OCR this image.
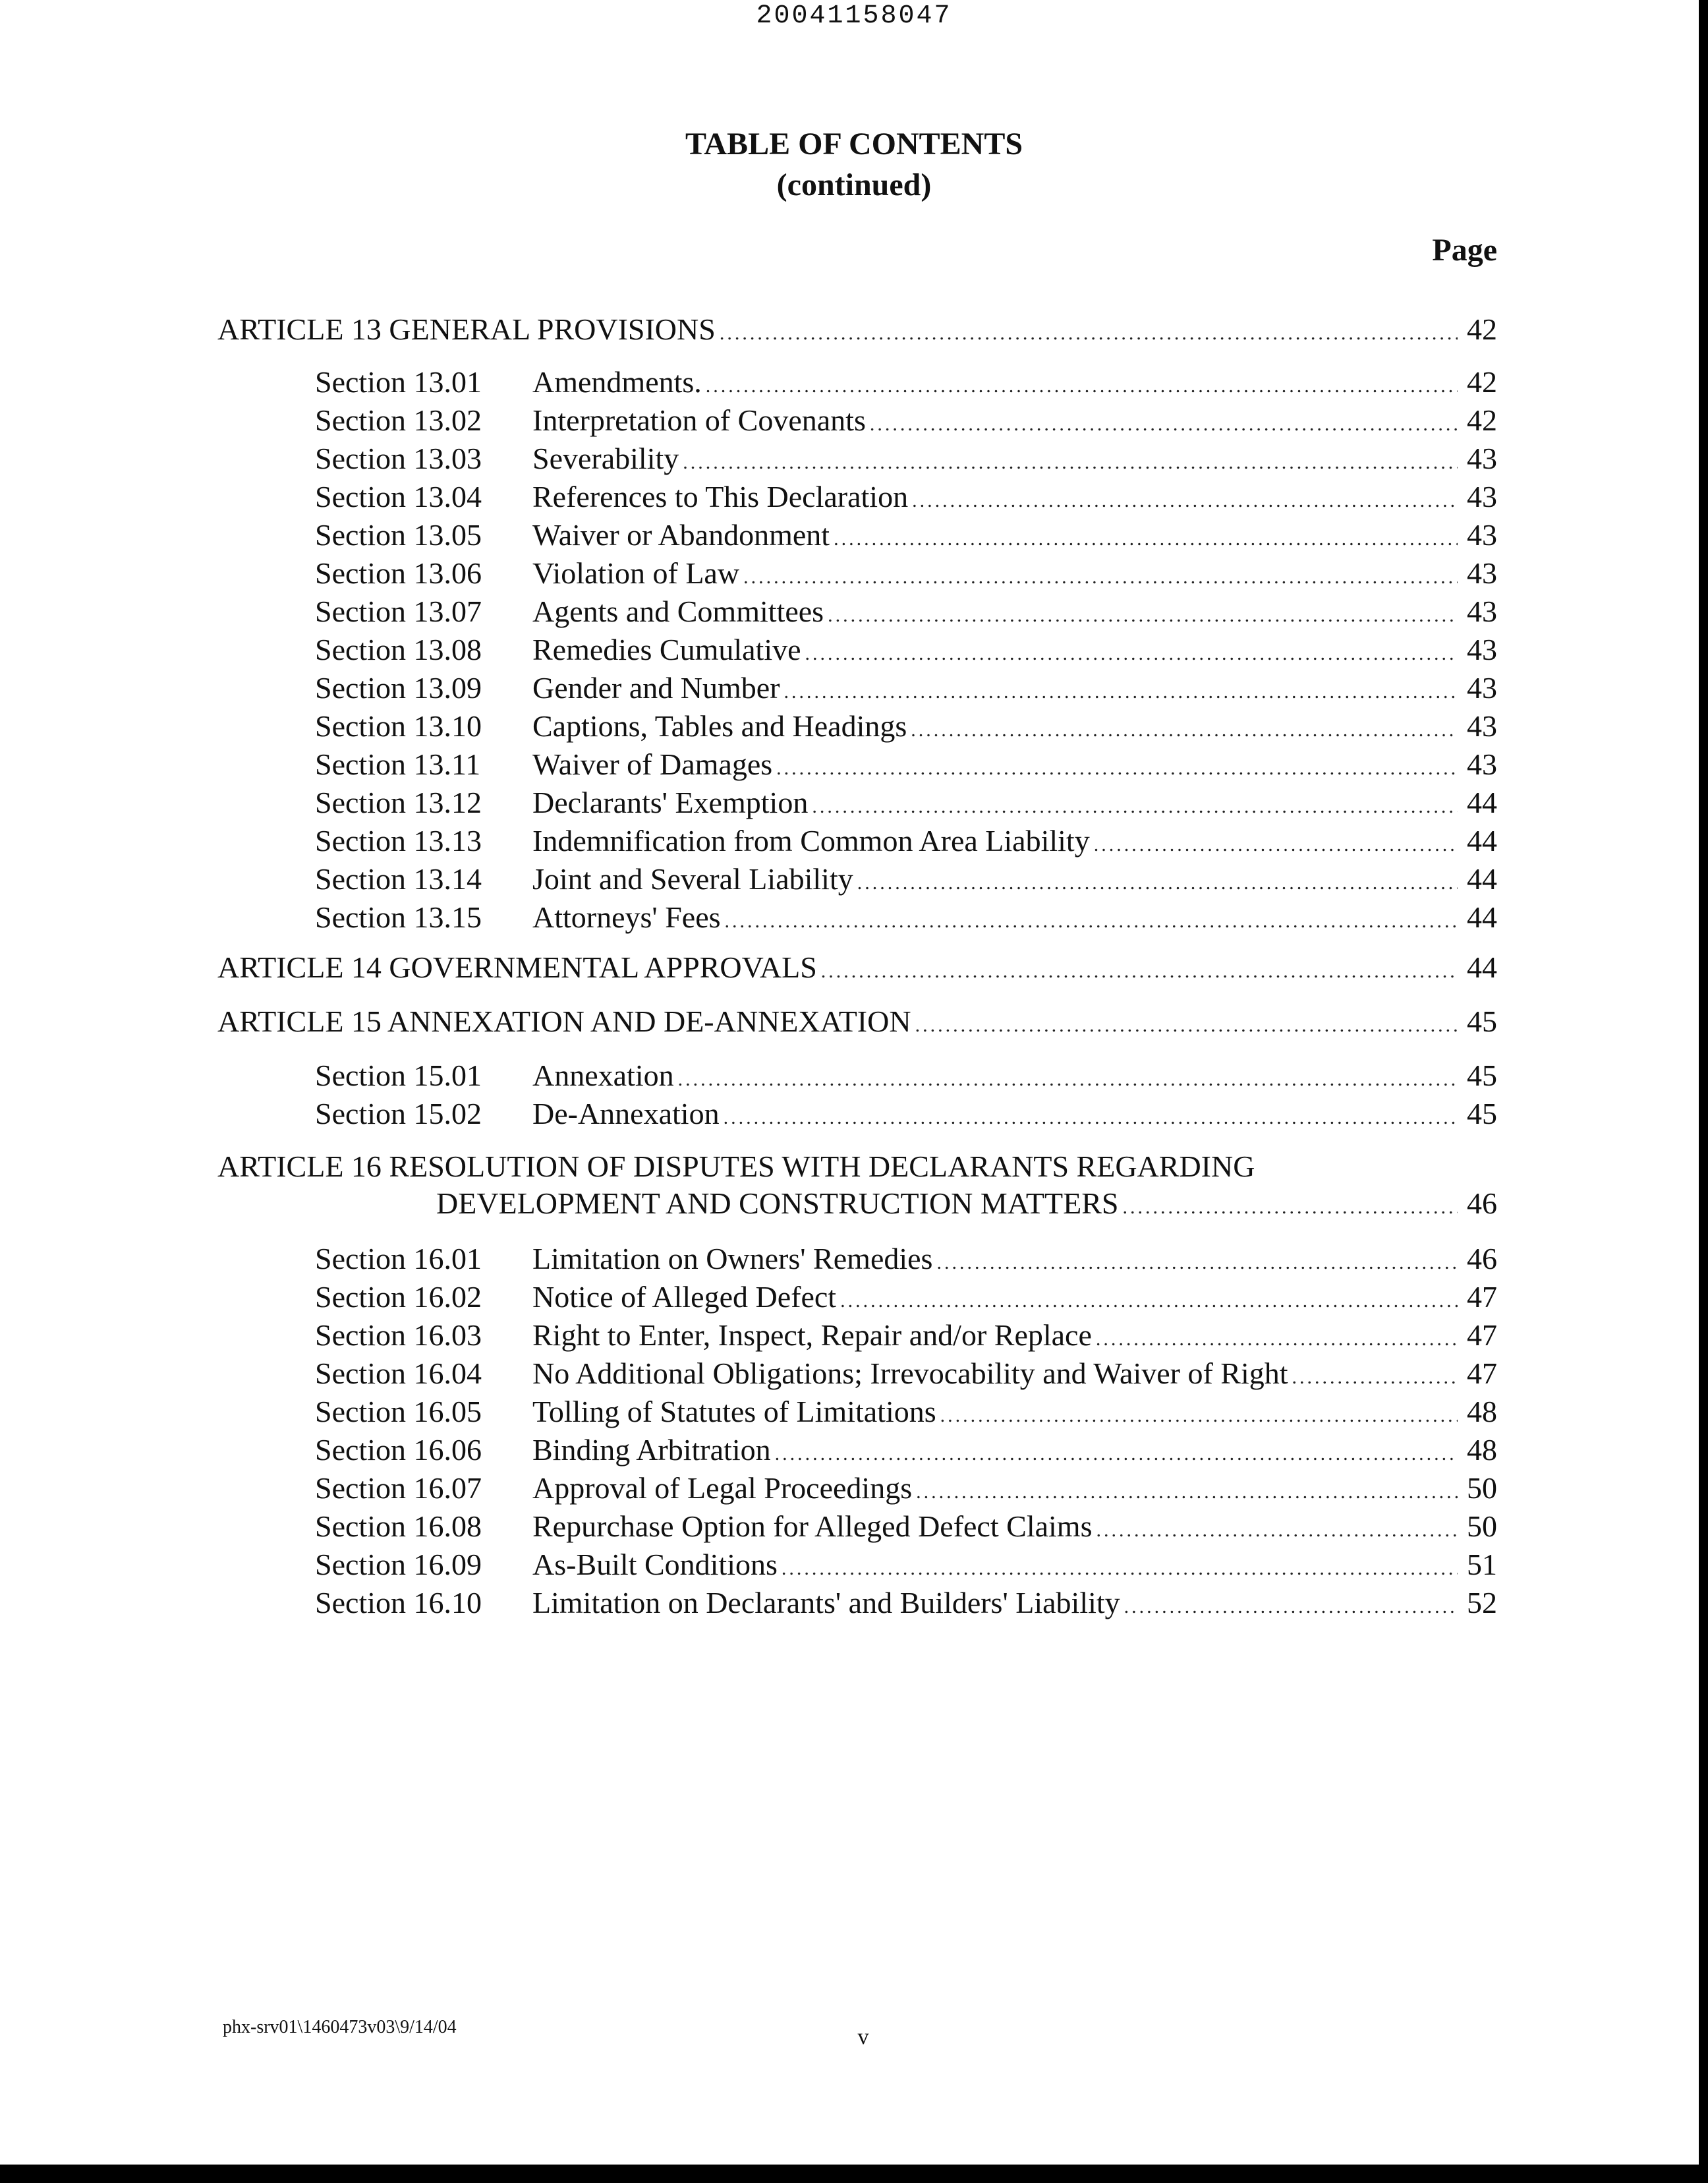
20041158047
TABLE OF CONTENTS
(continued)
Page
ARTICLE 13 GENERAL PROVISIONS .....	42
Section 13.01	Amendments. .....	42
Section 13.02	Interpretation of Covenants .....	42
Section 13.03	Severability .....	43
Section 13.04	References to This Declaration .....	43
Section 13.05	Waiver or Abandonment .....	43
Section 13.06	Violation of Law .....	43
Section 13.07	Agents and Committees .....	43
Section 13.08	Remedies Cumulative .....	43
Section 13.09	Gender and Number .....	43
Section 13.10	Captions, Tables and Headings .....	43
Section 13.11	Waiver of Damages .....	43
Section 13.12	Declarants' Exemption .....	44
Section 13.13	Indemnification from Common Area Liability .....	44
Section 13.14	Joint and Several Liability .....	44
Section 13.15	Attorneys' Fees .....	44
ARTICLE 14 GOVERNMENTAL APPROVALS .....	44
ARTICLE 15 ANNEXATION AND DE-ANNEXATION .....	45
Section 15.01	Annexation .....	45
Section 15.02	De-Annexation .....	45
ARTICLE 16 RESOLUTION OF DISPUTES WITH DECLARANTS REGARDING
DEVELOPMENT AND CONSTRUCTION MATTERS .....	46
Section 16.01	Limitation on Owners' Remedies .....	46
Section 16.02	Notice of Alleged Defect .....	47
Section 16.03	Right to Enter, Inspect, Repair and/or Replace .....	47
Section 16.04	No Additional Obligations; Irrevocability and Waiver of Right .....	47
Section 16.05	Tolling of Statutes of Limitations .....	48
Section 16.06	Binding Arbitration .....	48
Section 16.07	Approval of Legal Proceedings .....	50
Section 16.08	Repurchase Option for Alleged Defect Claims .....	50
Section 16.09	As-Built Conditions .....	51
Section 16.10	Limitation on Declarants' and Builders' Liability .....	52
phx-srv01\1460473v03\9/14/04	v
